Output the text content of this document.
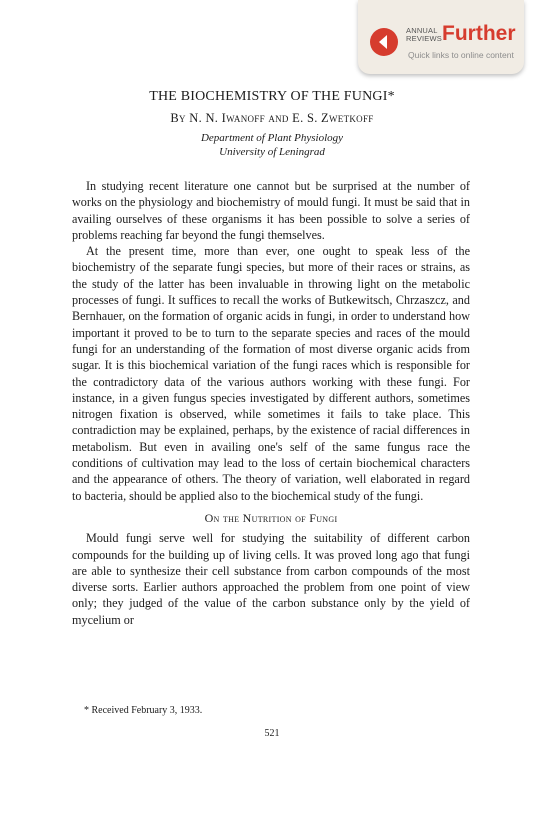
ANNUAL
REVIEWS Further
Quick links to online content
THE BIOCHEMISTRY OF THE FUNGI*
By N. N. Iwanoff and E. S. Zwetkoff
Department of Plant Physiology
University of Leningrad

In studying recent literature one cannot but be surprised at the number of works on the physiology and biochemistry of mould fungi. It must be said that in availing ourselves of these organisms it has been possible to solve a series of problems reaching far beyond the fungi themselves.

At the present time, more than ever, one ought to speak less of the biochemistry of the separate fungi species, but more of their races or strains, as the study of the latter has been invaluable in throwing light on the metabolic processes of fungi. It suffices to recall the works of Butkewitsch, Chrzaszcz, and Bernhauer, on the formation of organic acids in fungi, in order to understand how important it proved to be to turn to the separate species and races of the mould fungi for an understanding of the formation of most diverse organic acids from sugar. It is this biochemical variation of the fungi races which is responsible for the contradictory data of the various authors working with these fungi. For instance, in a given fungus species investigated by different authors, sometimes nitrogen fixation is observed, while sometimes it fails to take place. This contradiction may be explained, perhaps, by the existence of racial differences in metabolism. But even in availing one's self of the same fungus race the conditions of cultivation may lead to the loss of certain biochemical characters and the appearance of others. The theory of variation, well elaborated in regard to bacteria, should be applied also to the biochemical study of the fungi.

On the Nutrition of Fungi

Mould fungi serve well for studying the suitability of different carbon compounds for the building up of living cells. It was proved long ago that fungi are able to synthesize their cell substance from carbon compounds of the most diverse sorts. Earlier authors approached the problem from one point of view only; they judged of the value of the carbon substance only by the yield of mycelium or

* Received February 3, 1933.
521
